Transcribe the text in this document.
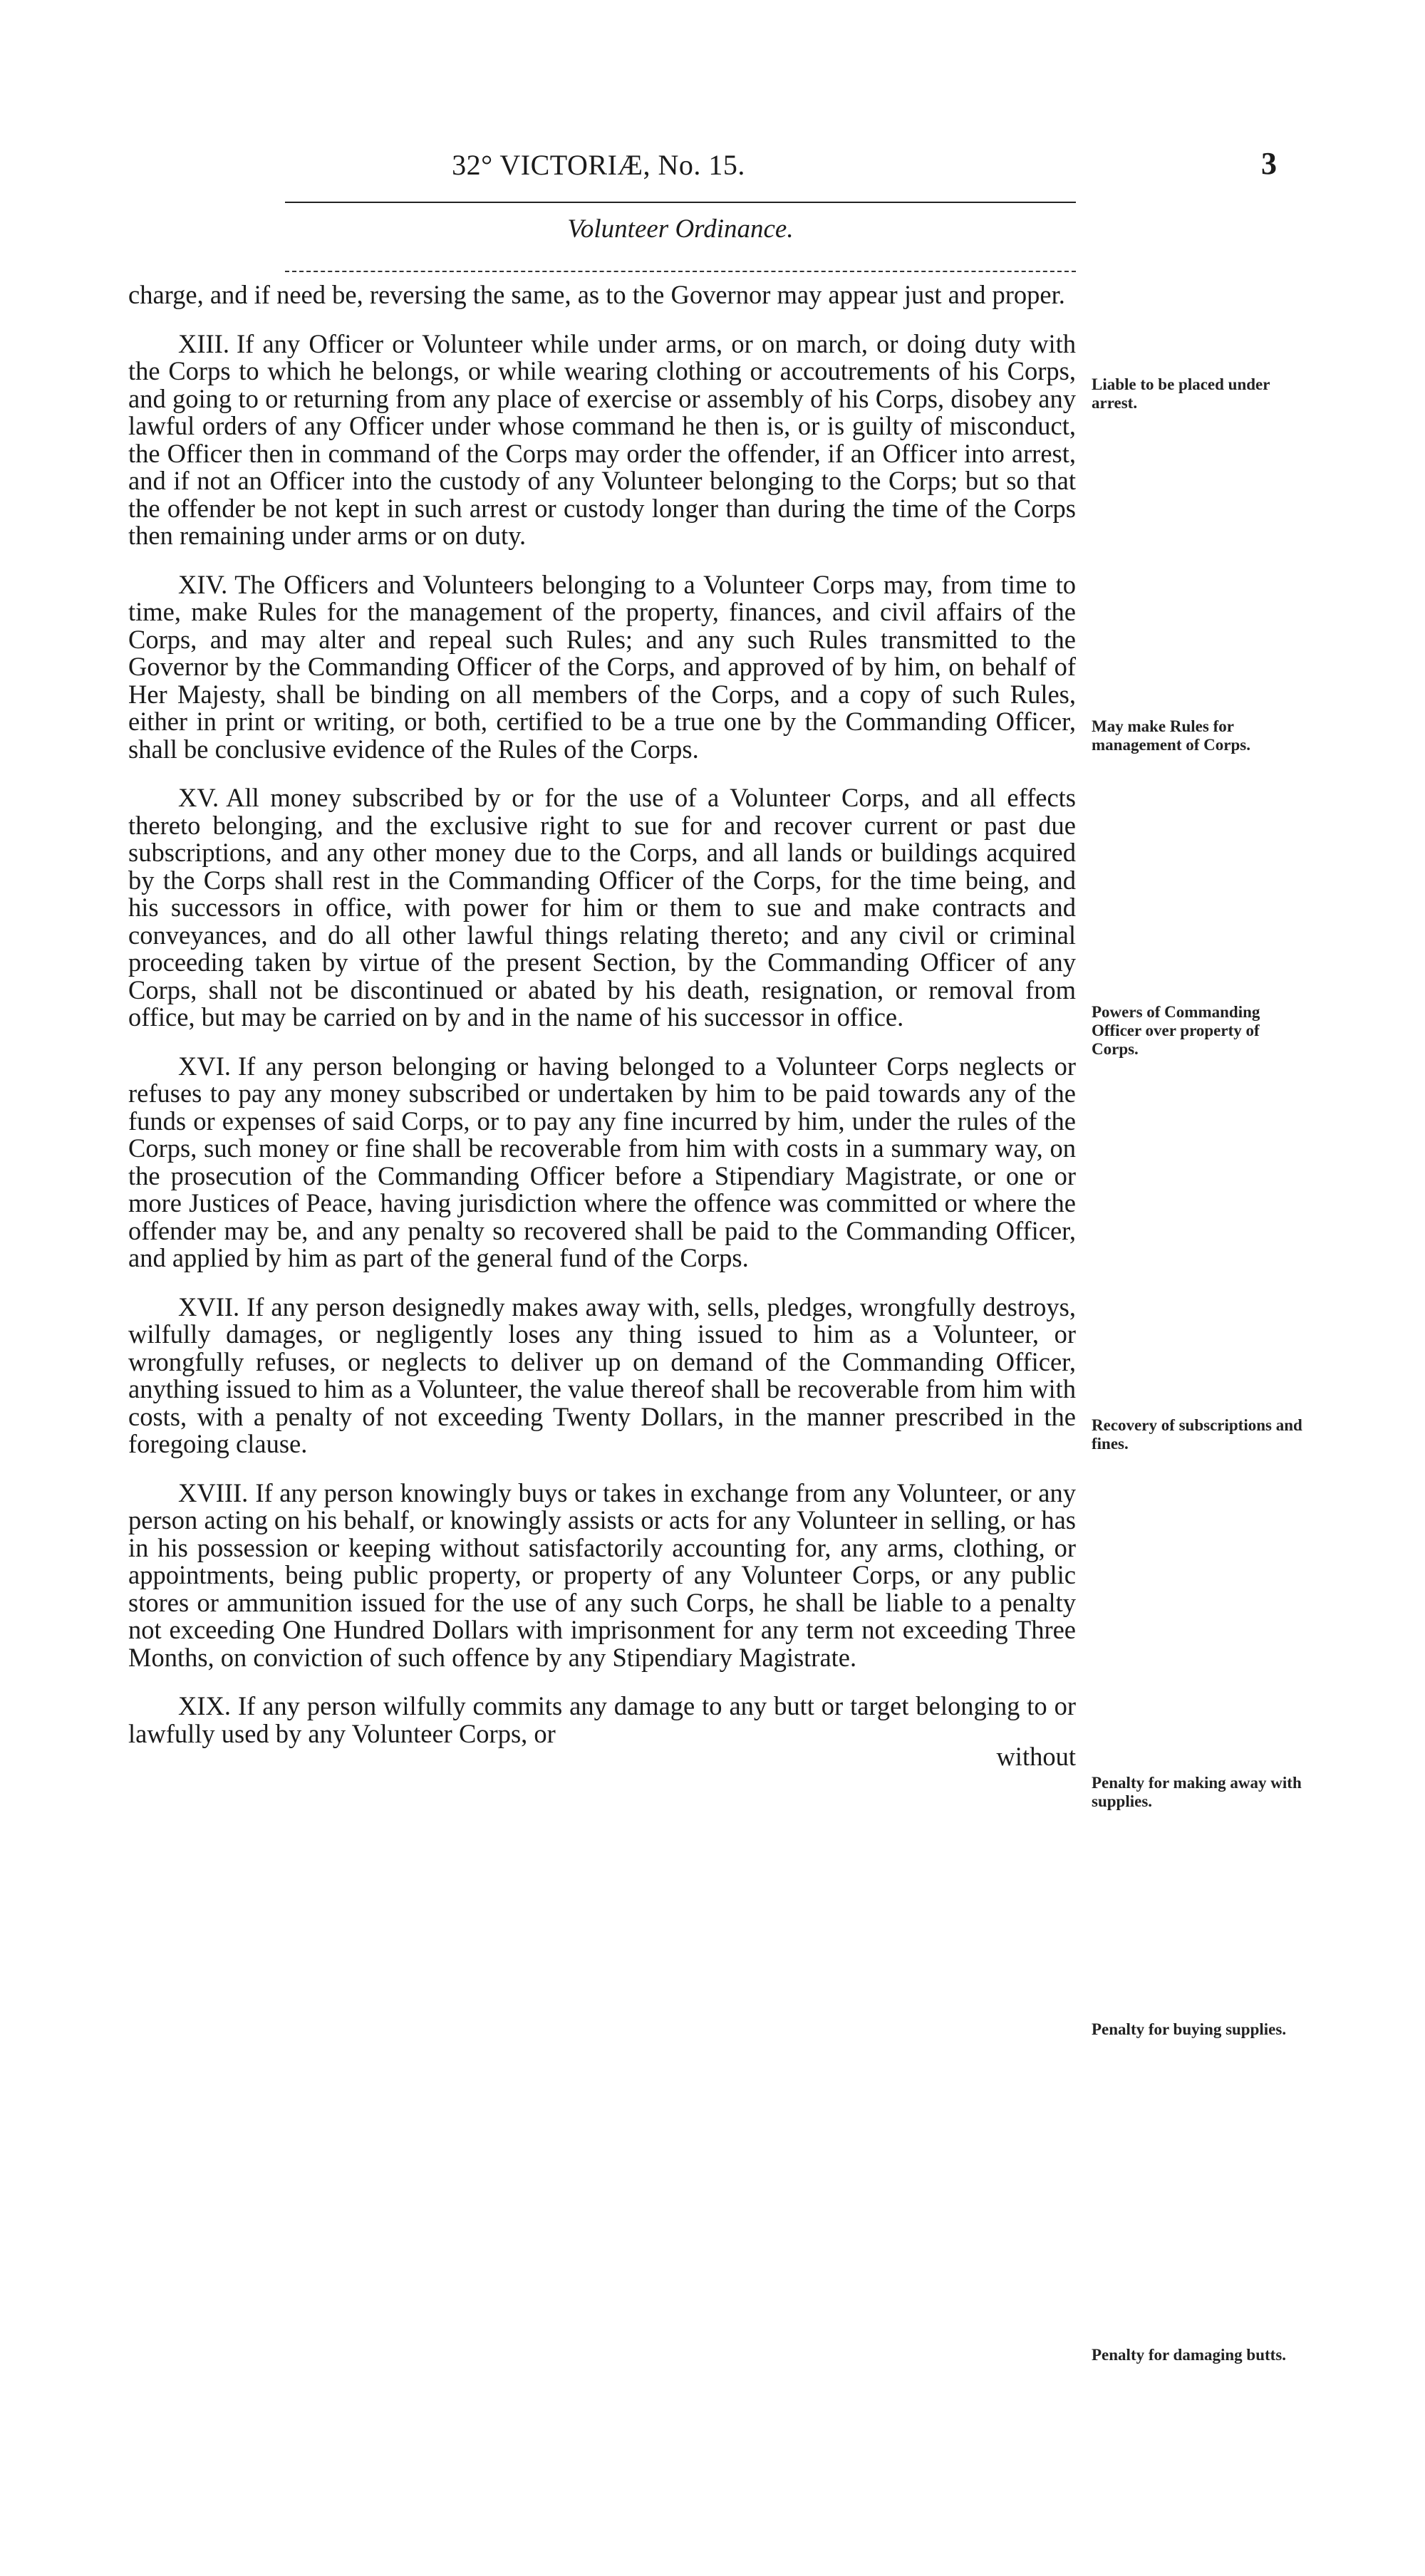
32° VICTORIÆ, No. 15.	3
Volunteer Ordinance.

charge, and if need be, reversing the same, as to the Governor may appear just and proper.

XIII. If any Officer or Volunteer while under arms, or on march, or doing duty with the Corps to which he belongs, or while wearing clothing or accoutrements of his Corps, and going to or returning from any place of exercise or assembly of his Corps, disobey any lawful orders of any Officer under whose command he then is, or is guilty of misconduct, the Officer then in command of the Corps may order the offender, if an Officer into arrest, and if not an Officer into the custody of any Volunteer belonging to the Corps; but so that the offender be not kept in such arrest or custody longer than during the time of the Corps then remaining under arms or on duty.

XIV. The Officers and Volunteers belonging to a Volunteer Corps may, from time to time, make Rules for the management of the property, finances, and civil affairs of the Corps, and may alter and repeal such Rules; and any such Rules transmitted to the Governor by the Commanding Officer of the Corps, and approved of by him, on behalf of Her Majesty, shall be binding on all members of the Corps, and a copy of such Rules, either in print or writing, or both, certified to be a true one by the Commanding Officer, shall be conclusive evidence of the Rules of the Corps.

XV. All money subscribed by or for the use of a Volunteer Corps, and all effects thereto belonging, and the exclusive right to sue for and recover current or past due subscriptions, and any other money due to the Corps, and all lands or buildings acquired by the Corps shall rest in the Commanding Officer of the Corps, for the time being, and his successors in office, with power for him or them to sue and make contracts and conveyances, and do all other lawful things relating thereto; and any civil or criminal proceeding taken by virtue of the present Section, by the Commanding Officer of any Corps, shall not be discontinued or abated by his death, resignation, or removal from office, but may be carried on by and in the name of his successor in office.

XVI. If any person belonging or having belonged to a Volunteer Corps neglects or refuses to pay any money subscribed or undertaken by him to be paid towards any of the funds or expenses of said Corps, or to pay any fine incurred by him, under the rules of the Corps, such money or fine shall be recoverable from him with costs in a summary way, on the prosecution of the Commanding Officer before a Stipendiary Magistrate, or one or more Justices of Peace, having jurisdiction where the offence was committed or where the offender may be, and any penalty so recovered shall be paid to the Commanding Officer, and applied by him as part of the general fund of the Corps.

XVII. If any person designedly makes away with, sells, pledges, wrongfully destroys, wilfully damages, or negligently loses any thing issued to him as a Volunteer, or wrongfully refuses, or neglects to deliver up on demand of the Commanding Officer, anything issued to him as a Volunteer, the value thereof shall be recoverable from him with costs, with a penalty of not exceeding Twenty Dollars, in the manner prescribed in the foregoing clause.

XVIII. If any person knowingly buys or takes in exchange from any Volunteer, or any person acting on his behalf, or knowingly assists or acts for any Volunteer in selling, or has in his possession or keeping without satisfactorily accounting for, any arms, clothing, or appointments, being public property, or property of any Volunteer Corps, or any public stores or ammunition issued for the use of any such Corps, he shall be liable to a penalty not exceeding One Hundred Dollars with imprisonment for any term not exceeding Three Months, on conviction of such offence by any Stipendiary Magistrate.

XIX. If any person wilfully commits any damage to any butt or target belonging to or lawfully used by any Volunteer Corps, or

without

Liable to be placed under arrest.
May make Rules for management of Corps.
Powers of Commanding Officer over property of Corps.
Recovery of subscriptions and fines.
Penalty for making away with supplies.
Penalty for buying supplies.
Penalty for damaging butts.
